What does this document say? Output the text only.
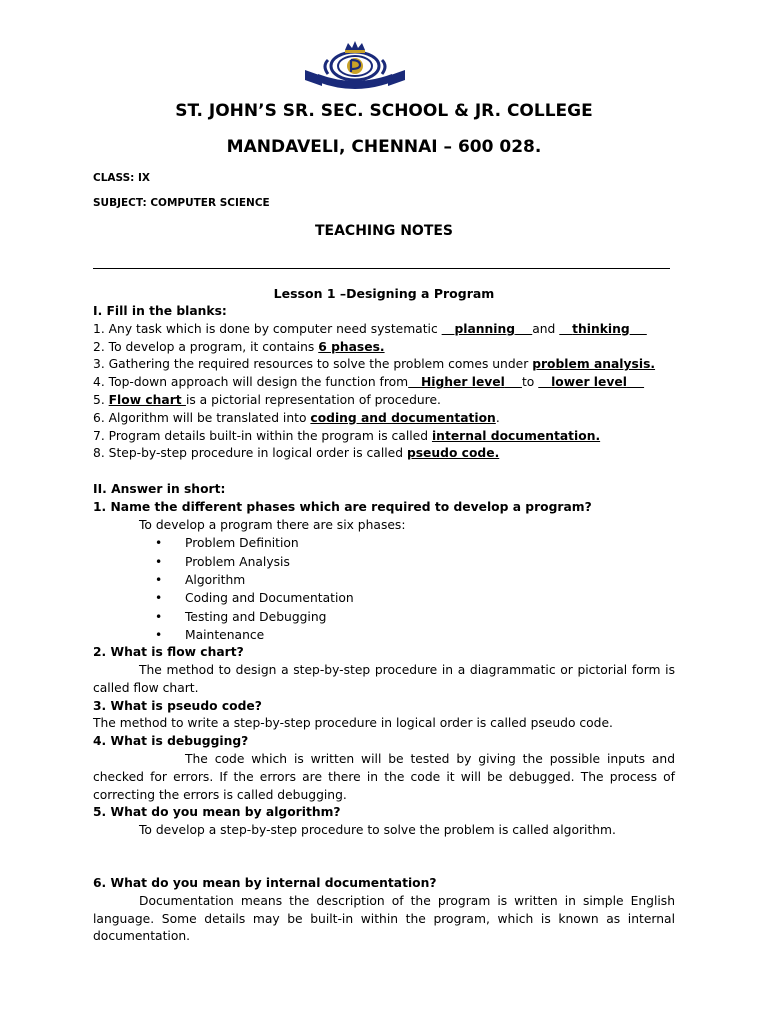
ST. JOHN’S SR. SEC. SCHOOL & JR. COLLEGE
MANDAVELI, CHENNAI – 600 028.
CLASS: IX
SUBJECT: COMPUTER SCIENCE
TEACHING NOTES
Lesson 1 –Designing a Program

I. Fill in the blanks:

1. Any task which is done by computer need systematic    planning and    thinking

2. To develop a program, it contains 6 phases.

3. Gathering the required resources to solve the problem comes under problem analysis.

4. Top-down approach will design the function from Higher level to    lower level

5. Flow chart is a pictorial representation of procedure.

6. Algorithm will be translated into coding and documentation.

7. Program details built-in within the program is called internal documentation.

8. Step-by-step procedure in logical order is called pseudo code.

II. Answer in short:

1. Name the different phases which are required to develop a program?

To develop a program there are six phases:

• Problem Definition
• Problem Analysis
• Algorithm
• Coding and Documentation
• Testing and Debugging
• Maintenance

2. What is flow chart?

The method to design a step-by-step procedure in a diagrammatic or pictorial form is called flow chart.

3. What is pseudo code?

The method to write a step-by-step procedure in logical order is called pseudo code.

4. What is debugging?

The code which is written will be tested by giving the possible inputs and checked for errors. If the errors are there in the code it will be debugged. The process of correcting the errors is called debugging.

5. What do you mean by algorithm?

To develop a step-by-step procedure to solve the problem is called algorithm.

6. What do you mean by internal documentation?

Documentation means the description of the program is written in simple English language. Some details may be built-in within the program, which is known as internal documentation.
